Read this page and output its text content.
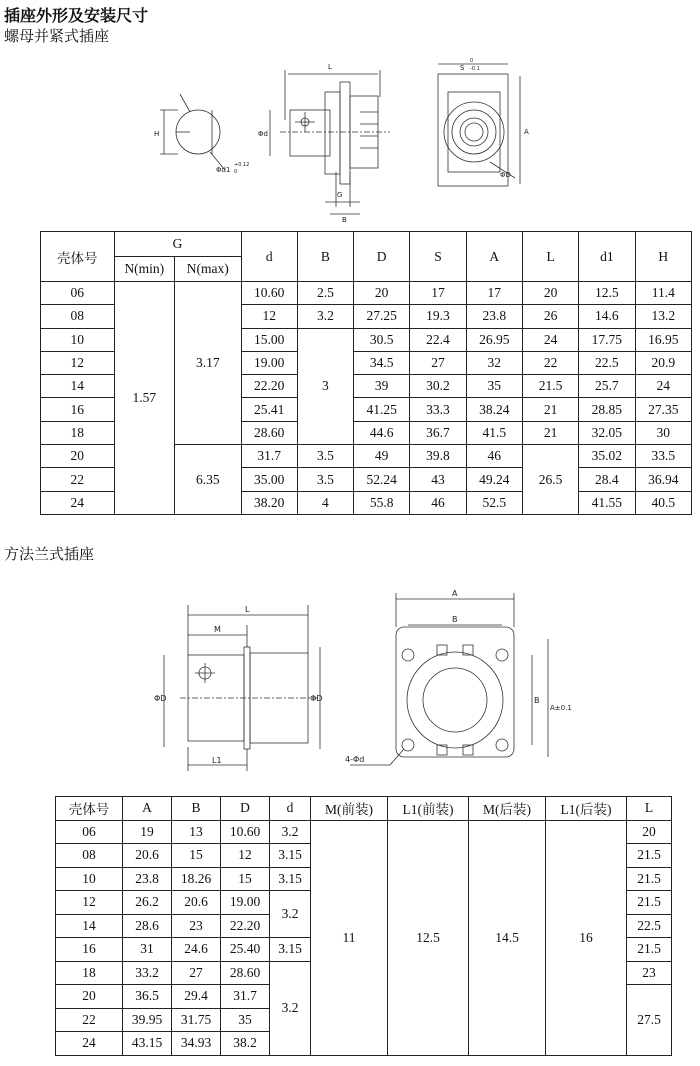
插座外形及安装尺寸
螺母并紧式插座
L
H	Φd
Φd1
+0.12
0
G
B
S
0
-0.1
A
ΦD
壳体号	G		d	B	D	S	A	L	d1	H
	N(min)	N(max)								
06	1.57	3.17	10.60	2.5	20	17	17	20	12.5	11.4
08			12	3.2	27.25	19.3	23.8	26	14.6	13.2
10			15.00	3	30.5	22.4	26.95	24	17.75	16.95
12			19.00		34.5	27	32	22	22.5	20.9
14			22.20		39	30.2	35	21.5	25.7	24
16			25.41		41.25	33.3	38.24	21	28.85	27.35
18			28.60		44.6	36.7	41.5	21	32.05	30
20		6.35	31.7	3.5	49	39.8	46	26.5	35.02	33.5
22			35.00	3.5	52.24	43	49.24		28.4	36.94
24			38.20	4	55.8	46	52.5		41.55	40.5
方法兰式插座
L
M
ΦD	ΦD
L1
A
B
B
A±0.1
4-Φd
壳体号	A	B	D	d	M(前装)	L1(前装)	M(后装)	L1(后装)	L
06	19	13	10.60	3.2	11	12.5	14.5	16	20
08	20.6	15	12	3.15					21.5
10	23.8	18.26	15	3.15					21.5
12	26.2	20.6	19.00	3.2					21.5
14	28.6	23	22.20						22.5
16	31	24.6	25.40	3.15					21.5
18	33.2	27	28.60	3.2					23
20	36.5	29.4	31.7						27.5
22	39.95	31.75	35						
24	43.15	34.93	38.2						
